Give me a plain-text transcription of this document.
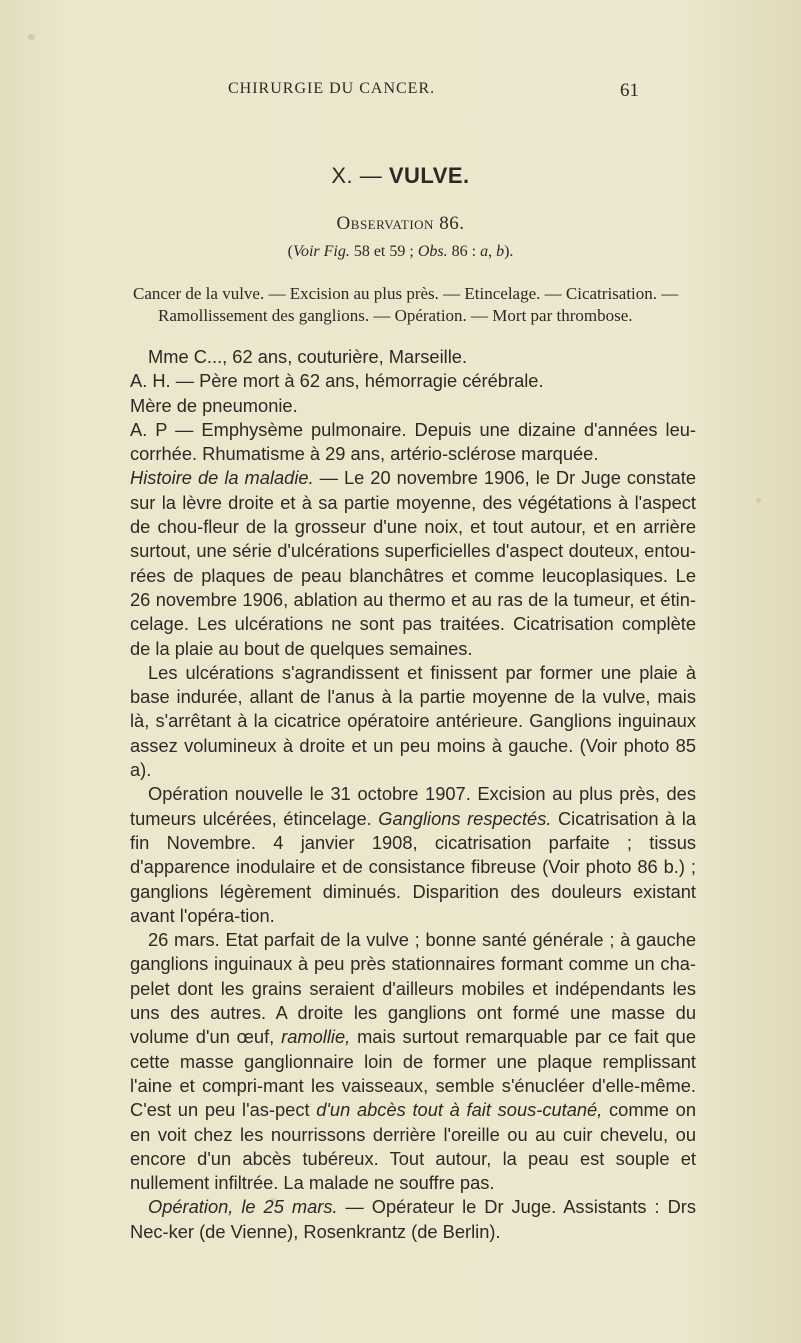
CHIRURGIE DU CANCER.	61
X. — VULVE.
Observation 86.
(Voir Fig. 58 et 59 ; Obs. 86 : a, b).
Cancer de la vulve. — Excision au plus près. — Etincelage. — Cicatrisation. —
Ramollissement des ganglions. — Opération. — Mort par thrombose.

Mme C..., 62 ans, couturière, Marseille.

A. H. — Père mort à 62 ans, hémorragie cérébrale.

Mère de pneumonie.

A. P — Emphysème pulmonaire. Depuis une dizaine d'années leu-corrhée. Rhumatisme à 29 ans, artério-sclérose marquée.

Histoire de la maladie. — Le 20 novembre 1906, le Dr Juge constate sur la lèvre droite et à sa partie moyenne, des végétations à l'aspect de chou-fleur de la grosseur d'une noix, et tout autour, et en arrière surtout, une série d'ulcérations superficielles d'aspect douteux, entou-rées de plaques de peau blanchâtres et comme leucoplasiques. Le 26 novembre 1906, ablation au thermo et au ras de la tumeur, et étin-celage. Les ulcérations ne sont pas traitées. Cicatrisation complète de la plaie au bout de quelques semaines.

Les ulcérations s'agrandissent et finissent par former une plaie à base indurée, allant de l'anus à la partie moyenne de la vulve, mais là, s'arrêtant à la cicatrice opératoire antérieure. Ganglions inguinaux assez volumineux à droite et un peu moins à gauche. (Voir photo 85 a).

Opération nouvelle le 31 octobre 1907. Excision au plus près, des tumeurs ulcérées, étincelage. Ganglions respectés. Cicatrisation à la fin Novembre. 4 janvier 1908, cicatrisation parfaite ; tissus d'apparence inodulaire et de consistance fibreuse (Voir photo 86 b.) ; ganglions légèrement diminués. Disparition des douleurs existant avant l'opéra-tion.

26 mars. Etat parfait de la vulve ; bonne santé générale ; à gauche ganglions inguinaux à peu près stationnaires formant comme un cha-pelet dont les grains seraient d'ailleurs mobiles et indépendants les uns des autres. A droite les ganglions ont formé une masse du volume d'un œuf, ramollie, mais surtout remarquable par ce fait que cette masse ganglionnaire loin de former une plaque remplissant l'aine et compri-mant les vaisseaux, semble s'énucléer d'elle-même. C'est un peu l'as-pect d'un abcès tout à fait sous-cutané, comme on en voit chez les nourrissons derrière l'oreille ou au cuir chevelu, ou encore d'un abcès tubéreux. Tout autour, la peau est souple et nullement infiltrée. La malade ne souffre pas.

Opération, le 25 mars. — Opérateur le Dr Juge. Assistants : Drs Nec-ker (de Vienne), Rosenkrantz (de Berlin).
